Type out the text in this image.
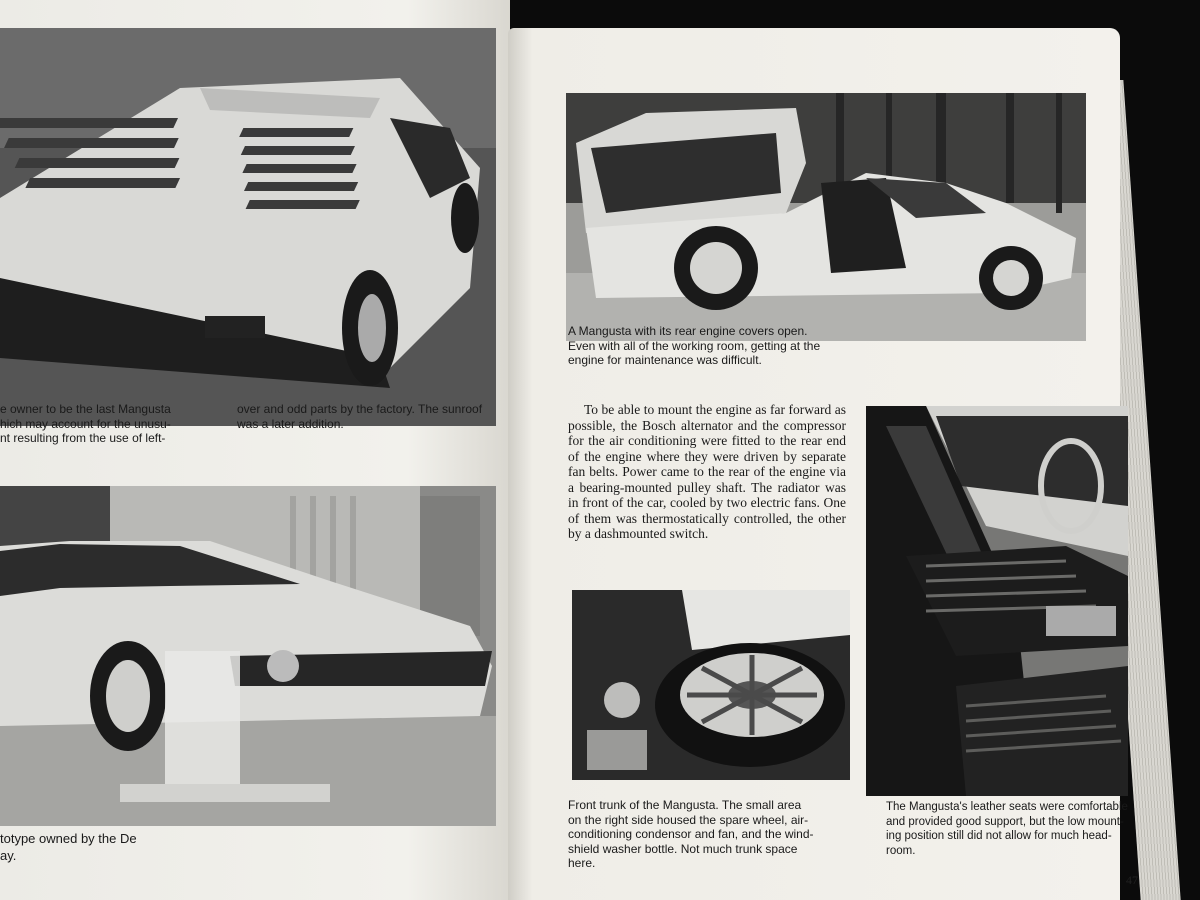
e owner to be the last Mangusta
hich may account for the unusu-
nt resulting from the use of left-
over and odd parts by the factory. The sunroof
was a later addition.
totype owned by the De
ay.
A Mangusta with its rear engine covers open.
Even with all of the working room, getting at the
engine for maintenance was difficult.
To be able to mount the engine as far forward as possible, the Bosch alternator and the compressor for the air conditioning were fitted to the rear end of the engine where they were driven by separate fan belts. Power came to the rear of the engine via a bearing-mounted pulley shaft. The radiator was in front of the car, cooled by two electric fans. One of them was thermostatically controlled, the other by a dashmounted switch.
Front trunk of the Mangusta. The small area
on the right side housed the spare wheel, air-
conditioning condensor and fan, and the wind-
shield washer bottle. Not much trunk space
here.
The Mangusta's leather seats were comfortable
and provided good support, but the low mount-
ing position still did not allow for much head-
room.
47
